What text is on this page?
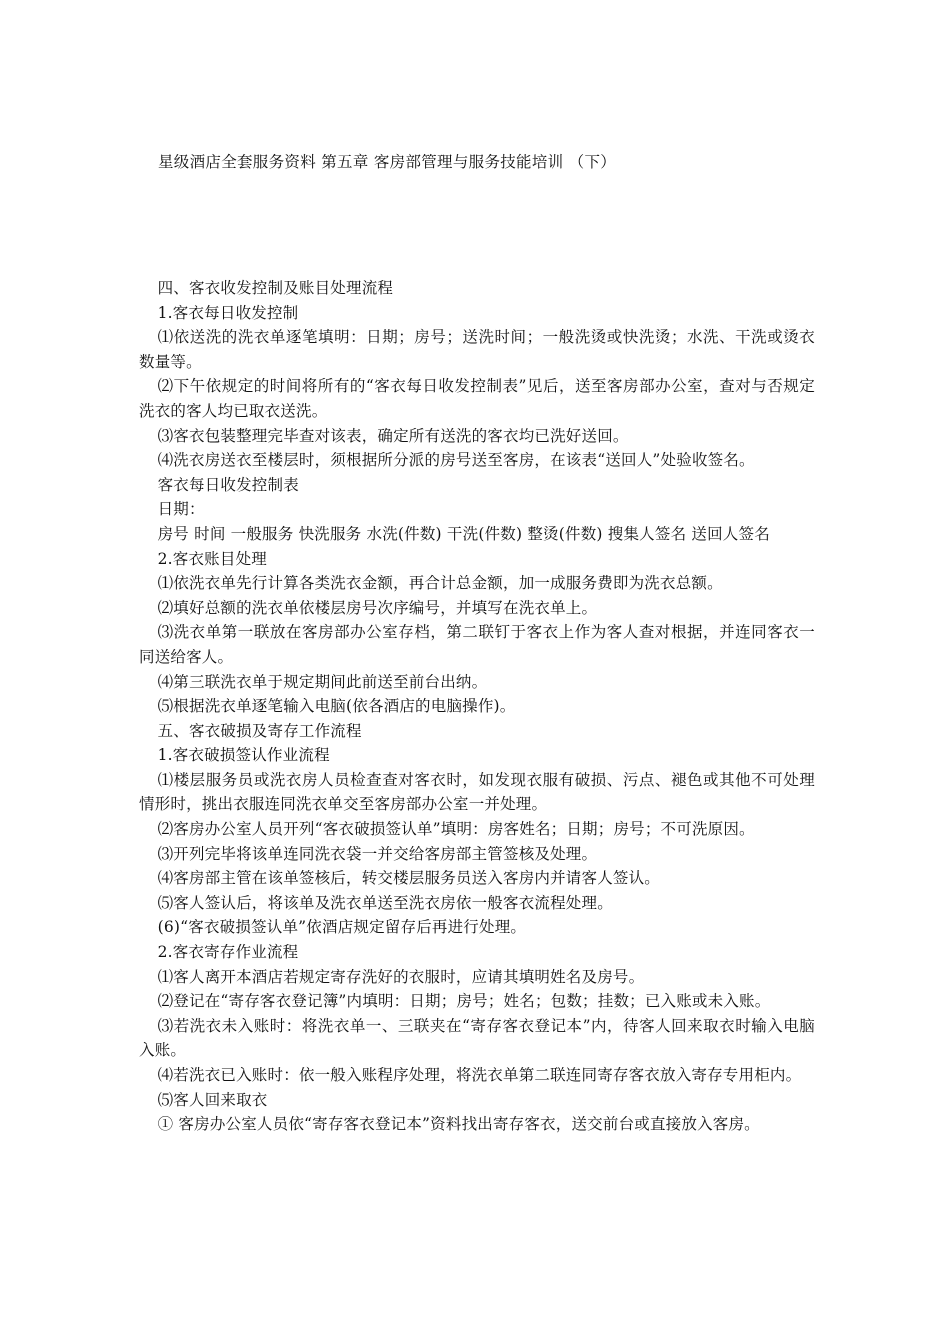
星级酒店全套服务资料 第五章 客房部管理与服务技能培训 （下）

四、客衣收发控制及账目处理流程

1.客衣每日收发控制

⑴依送洗的洗衣单逐笔填明：日期；房号；送洗时间；一般洗烫或快洗烫；水洗、干洗或烫衣数量等。

⑵下午依规定的时间将所有的“客衣每日收发控制表”见后，送至客房部办公室，查对与否规定洗衣的客人均已取衣送洗。

⑶客衣包装整理完毕查对该表，确定所有送洗的客衣均已洗好送回。

⑷洗衣房送衣至楼层时，须根据所分派的房号送至客房，在该表“送回人”处验收签名。

客衣每日收发控制表

日期：

房号 时间 一般服务 快洗服务 水洗(件数) 干洗(件数) 整烫(件数) 搜集人签名 送回人签名

2.客衣账目处理

⑴依洗衣单先行计算各类洗衣金额，再合计总金额，加一成服务费即为洗衣总额。

⑵填好总额的洗衣单依楼层房号次序编号，并填写在洗衣单上。

⑶洗衣单第一联放在客房部办公室存档，第二联钉于客衣上作为客人查对根据，并连同客衣一同送给客人。

⑷第三联洗衣单于规定期间此前送至前台出纳。

⑸根据洗衣单逐笔输入电脑(依各酒店的电脑操作)。

五、客衣破损及寄存工作流程

1.客衣破损签认作业流程

⑴楼层服务员或洗衣房人员检查查对客衣时，如发现衣服有破损、污点、褪色或其他不可处理情形时，挑出衣服连同洗衣单交至客房部办公室一并处理。

⑵客房办公室人员开列“客衣破损签认单”填明：房客姓名；日期；房号；不可洗原因。

⑶开列完毕将该单连同洗衣袋一并交给客房部主管签核及处理。

⑷客房部主管在该单签核后，转交楼层服务员送入客房内并请客人签认。

⑸客人签认后，将该单及洗衣单送至洗衣房依一般客衣流程处理。

(6)“客衣破损签认单”依酒店规定留存后再进行处理。

2.客衣寄存作业流程

⑴客人离开本酒店若规定寄存洗好的衣服时，应请其填明姓名及房号。

⑵登记在“寄存客衣登记簿”内填明：日期；房号；姓名；包数；挂数；已入账或未入账。

⑶若洗衣未入账时：将洗衣单一、三联夹在“寄存客衣登记本”内，待客人回来取衣时输入电脑入账。

⑷若洗衣已入账时：依一般入账程序处理，将洗衣单第二联连同寄存客衣放入寄存专用柜内。

⑸客人回来取衣

① 客房办公室人员依“寄存客衣登记本”资料找出寄存客衣，送交前台或直接放入客房。
